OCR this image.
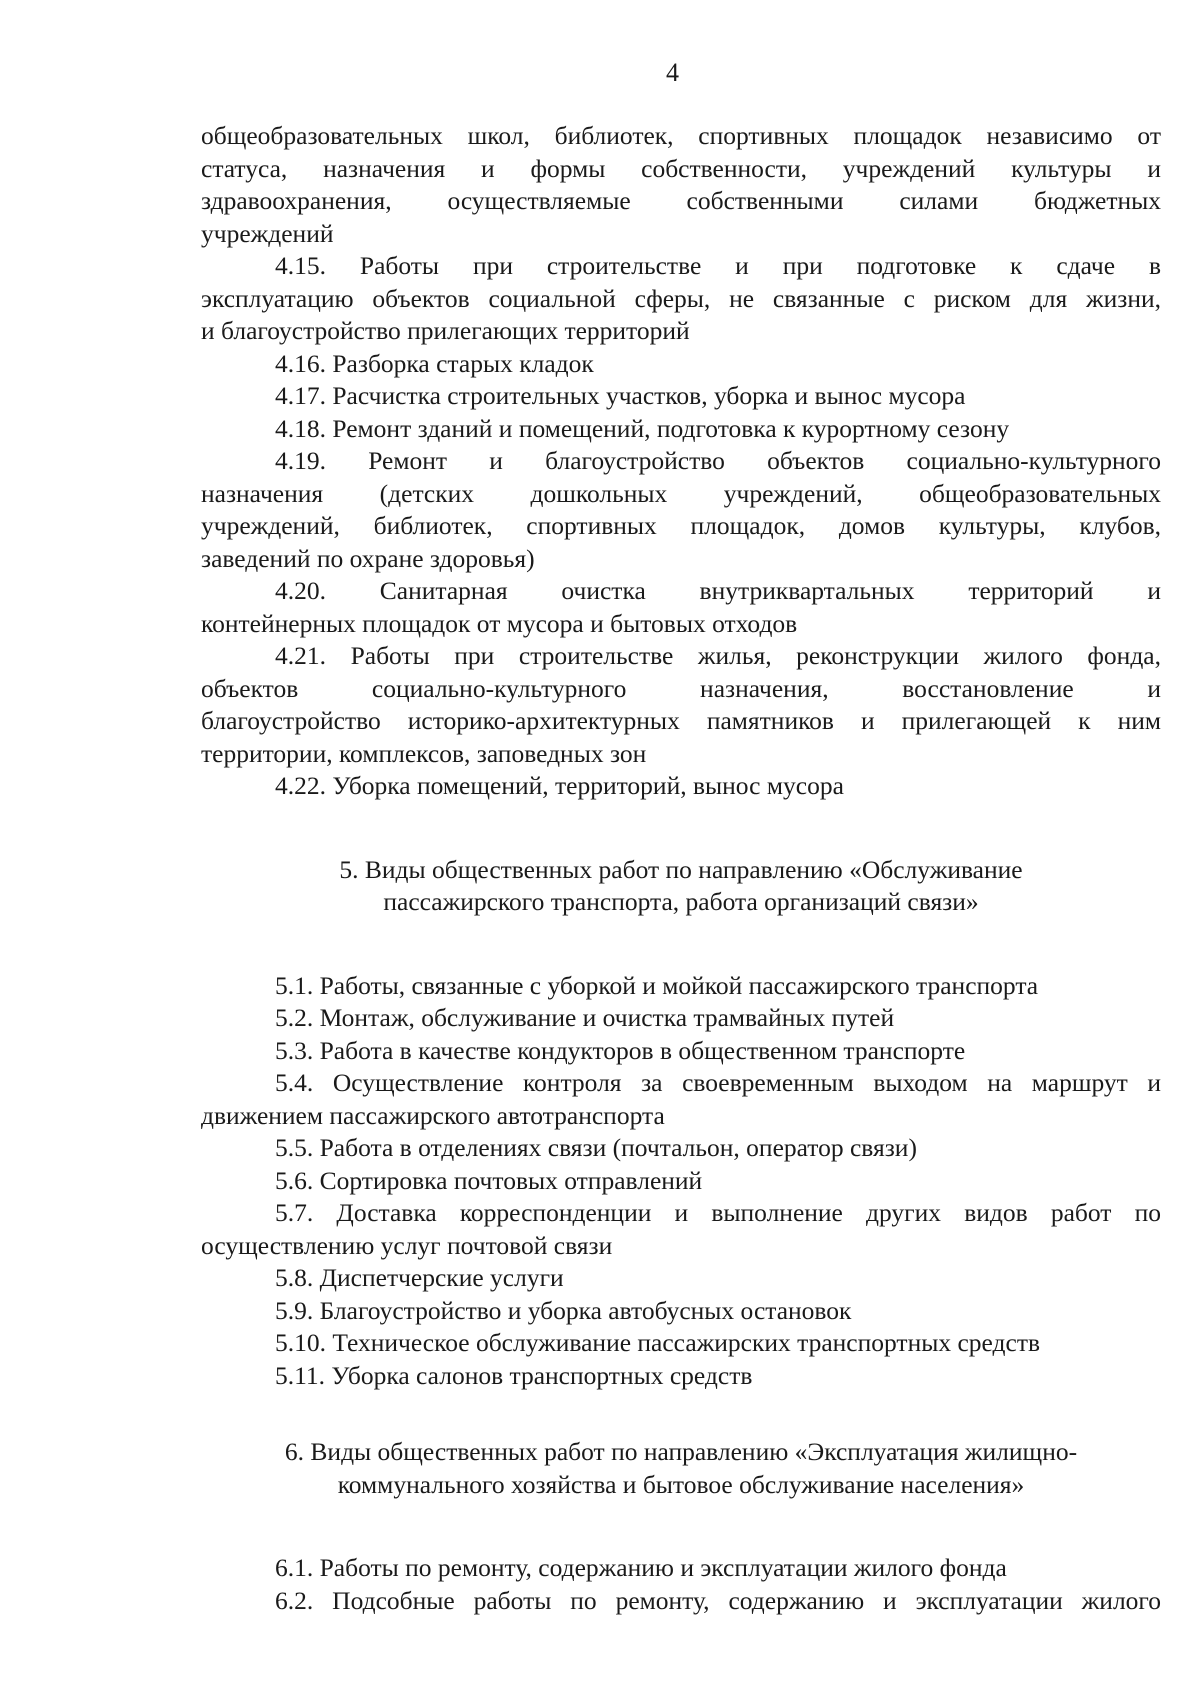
4
общеобразовательных школ, библиотек, спортивных площадок независимо от
статуса, назначения и формы собственности, учреждений культуры и
здравоохранения, осуществляемые собственными силами бюджетных
учреждений
4.15. Работы при строительстве и при подготовке к сдаче в
эксплуатацию объектов социальной сферы, не связанные с риском для жизни,
и благоустройство прилегающих территорий
4.16. Разборка старых кладок
4.17. Расчистка строительных участков, уборка и вынос мусора
4.18. Ремонт зданий и помещений, подготовка к курортному сезону
4.19. Ремонт и благоустройство объектов социально-культурного
назначения (детских дошкольных учреждений, общеобразовательных
учреждений, библиотек, спортивных площадок, домов культуры, клубов,
заведений по охране здоровья)
4.20. Санитарная очистка внутриквартальных территорий и
контейнерных площадок от мусора и бытовых отходов
4.21. Работы при строительстве жилья, реконструкции жилого фонда,
объектов социально-культурного назначения, восстановление и
благоустройство историко-архитектурных памятников и прилегающей к ним
территории, комплексов, заповедных зон
4.22. Уборка помещений, территорий, вынос мусора
5. Виды общественных работ по направлению «Обслуживание
пассажирского транспорта, работа организаций связи»
5.1. Работы, связанные с уборкой и мойкой пассажирского транспорта
5.2. Монтаж, обслуживание и очистка трамвайных путей
5.3. Работа в качестве кондукторов в общественном транспорте
5.4. Осуществление контроля за своевременным выходом на маршрут и
движением пассажирского автотранспорта
5.5. Работа в отделениях связи (почтальон, оператор связи)
5.6. Сортировка почтовых отправлений
5.7. Доставка корреспонденции и выполнение других видов работ по
осуществлению услуг почтовой связи
5.8. Диспетчерские услуги
5.9. Благоустройство и уборка автобусных остановок
5.10. Техническое обслуживание пассажирских транспортных средств
5.11. Уборка салонов транспортных средств
6. Виды общественных работ по направлению «Эксплуатация жилищно-
коммунального хозяйства и бытовое обслуживание населения»
6.1. Работы по ремонту, содержанию и эксплуатации жилого фонда
6.2. Подсобные работы по ремонту, содержанию и эксплуатации жилого
